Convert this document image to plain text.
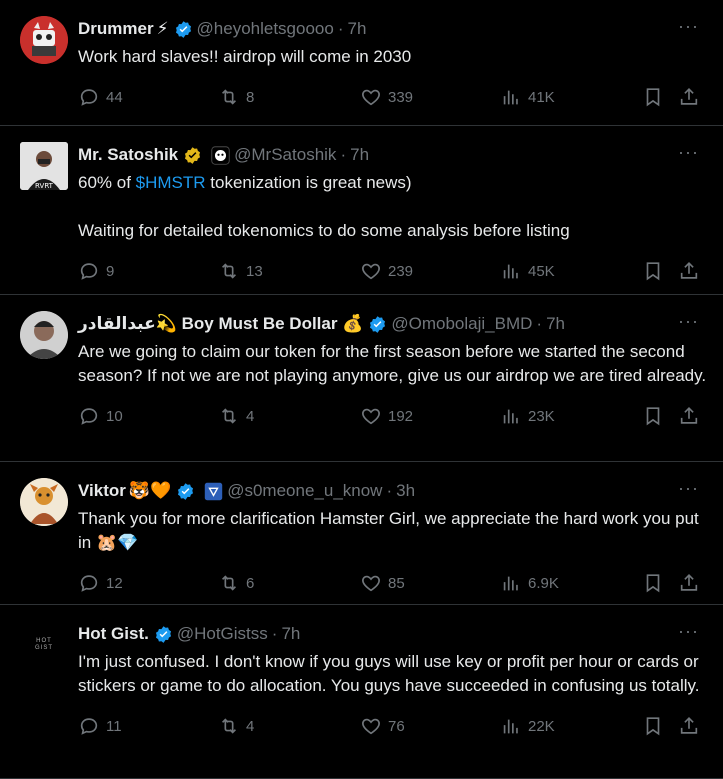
Drummer ⚡ @heyohletsgoooo · 7h	···
Work hard slaves!! airdrop will come in 2030
44	8	339	41K
RVRT
Mr. Satoshik	@MrSatoshik · 7h	···
60% of $HMSTR tokenization is great news)

Waiting for detailed tokenomics to do some analysis before listing
9	13	239	45K
عبدالقادر💫 Boy Must Be Dollar 💰 @Omobolaji_BMD · 7h	···
Are we going to claim our token for the first season before we started the second season? If not we are not playing anymore, give us our airdrop we are tired already.
10	4	192	23K
Viktor 🐯🧡	@s0meone_u_know · 3h	···
Thank you for more clarification Hamster Girl, we appreciate the hard work you put in 🐹💎
12	6	85	6.9K
HOT
GIST
Hot Gist. @HotGistss · 7h	···
I'm just confused. I don't know if you guys will use key or profit per hour or cards or stickers or game to do allocation. You guys have succeeded in confusing us totally.
11	4	76	22K
